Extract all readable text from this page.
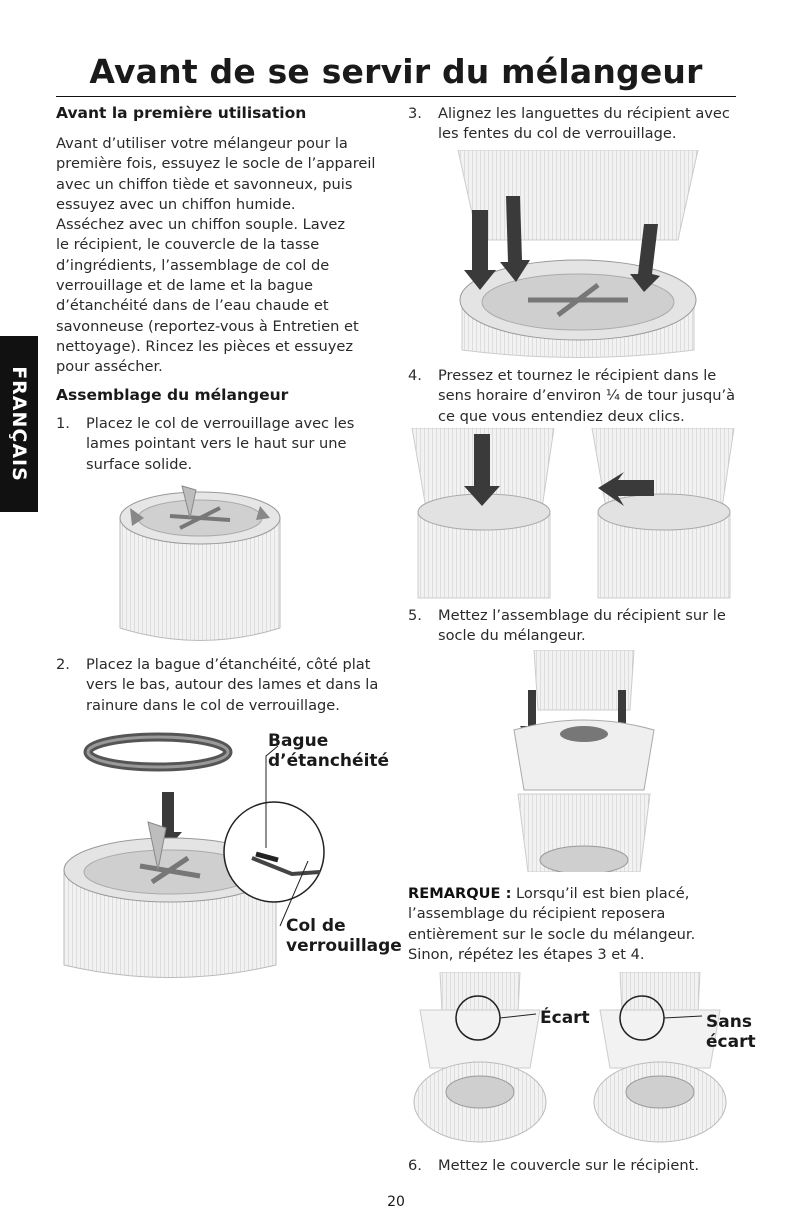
Avant de se servir du mélangeur
FRANÇAIS
Avant la première utilisation
Avant d’utiliser votre mélangeur pour la
première fois, essuyez le socle de l’appareil
avec un chiffon tiède et savonneux, puis
essuyez avec un chiffon humide.
Asséchez avec un chiffon souple. Lavez
le récipient, le couvercle de la tasse
d’ingrédients, l’assemblage de col de
verrouillage et de lame et la bague
d’étanchéité dans de l’eau chaude et
savonneuse (reportez-vous à Entretien et
nettoyage). Rincez les pièces et essuyez
pour assécher.
Assemblage du mélangeur
1. Placez le col de verrouillage avec les
lames pointant vers le haut sur une
surface solide.
2. Placez la bague d’étanchéité, côté plat
vers le bas, autour des lames et dans la
rainure dans le col de verrouillage.
Bague
d’étanchéité
Col de
verrouillage
3. Alignez les languettes du récipient avec
les fentes du col de verrouillage.
4. Pressez et tournez le récipient dans le
sens horaire d’environ ¼ de tour jusqu’à
ce que vous entendiez deux clics.
5. Mettez l’assemblage du récipient sur le
socle du mélangeur.
REMARQUE : Lorsqu’il est bien placé,
l’assemblage du récipient reposera
entièrement sur le socle du mélangeur.
Sinon, répétez les étapes 3 et 4.
Écart	Sans
écart
6. Mettez le couvercle sur le récipient.
20
